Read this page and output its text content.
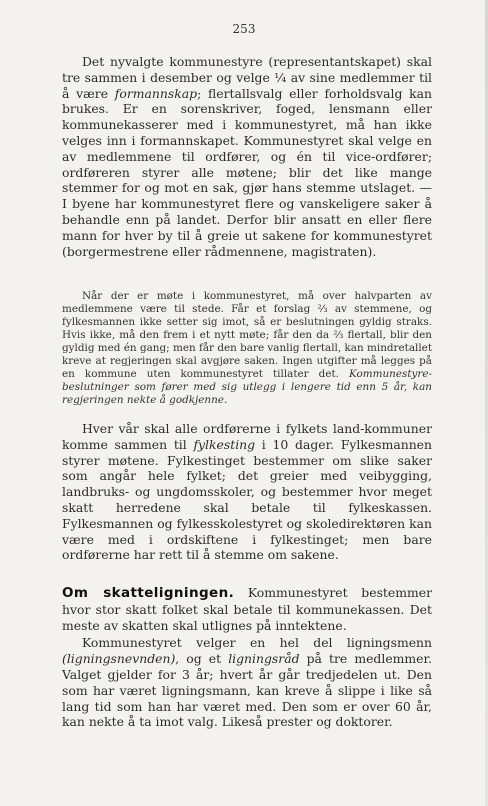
253

Det nyvalgte kommunestyre (representantskapet) skal tre sammen i desember og velge ¼ av sine medlemmer til å være formannskap; flertallsvalg eller forholdsvalg kan brukes. Er en sorenskriver, foged, lensmann eller kommunekasserer med i kommunestyret, må han ikke velges inn i formannskapet. Kommunestyret skal velge en av medlemmene til ordfører, og én til vice-ordfører; ordføreren styrer alle møtene; blir det like mange stemmer for og mot en sak, gjør hans stemme utslaget. — I byene har kommunestyret flere og vanskeligere saker å behandle enn på landet. Derfor blir ansatt en eller flere mann for hver by til å greie ut sakene for kommunestyret (borgermestrene eller rådmennene, magistraten).

Når der er møte i kommunestyret, må over halvparten av medlemmene være til stede. Får et forslag ⅔ av stemmene, og fylkesmannen ikke setter sig imot, så er beslutningen gyldig straks. Hvis ikke, må den frem i et nytt møte; får den da ⅔ flertall, blir den gyldig med én gang; men får den bare vanlig flertall, kan mindretallet kreve at regjeringen skal avgjøre saken. Ingen utgifter må legges på en kommune uten kommunestyret tillater det. Kommunestyre-beslutninger som fører med sig utlegg i lengere tid enn 5 år, kan regjeringen nekte å godkjenne.

Hver vår skal alle ordførerne i fylkets land-kommuner komme sammen til fylkesting i 10 dager. Fylkesmannen styrer møtene. Fylkestinget bestemmer om slike saker som angår hele fylket; det greier med veibygging, landbruks- og ungdomsskoler, og bestemmer hvor meget skatt herredene skal betale til fylkeskassen. Fylkesmannen og fylkesskolestyret og skoledirektøren kan være med i ordskiftene i fylkestinget; men bare ordførerne har rett til å stemme om sakene.

Om skatteligningen. Kommunestyret bestemmer hvor stor skatt folket skal betale til kommunekassen. Det meste av skatten skal utlignes på inntektene.

Kommunestyret velger en hel del ligningsmenn (ligningsnevnden), og et ligningsråd på tre medlemmer. Valget gjelder for 3 år; hvert år går tredjedelen ut. Den som har været ligningsmann, kan kreve å slippe i like så lang tid som han har været med. Den som er over 60 år, kan nekte å ta imot valg. Likeså prester og doktorer.
